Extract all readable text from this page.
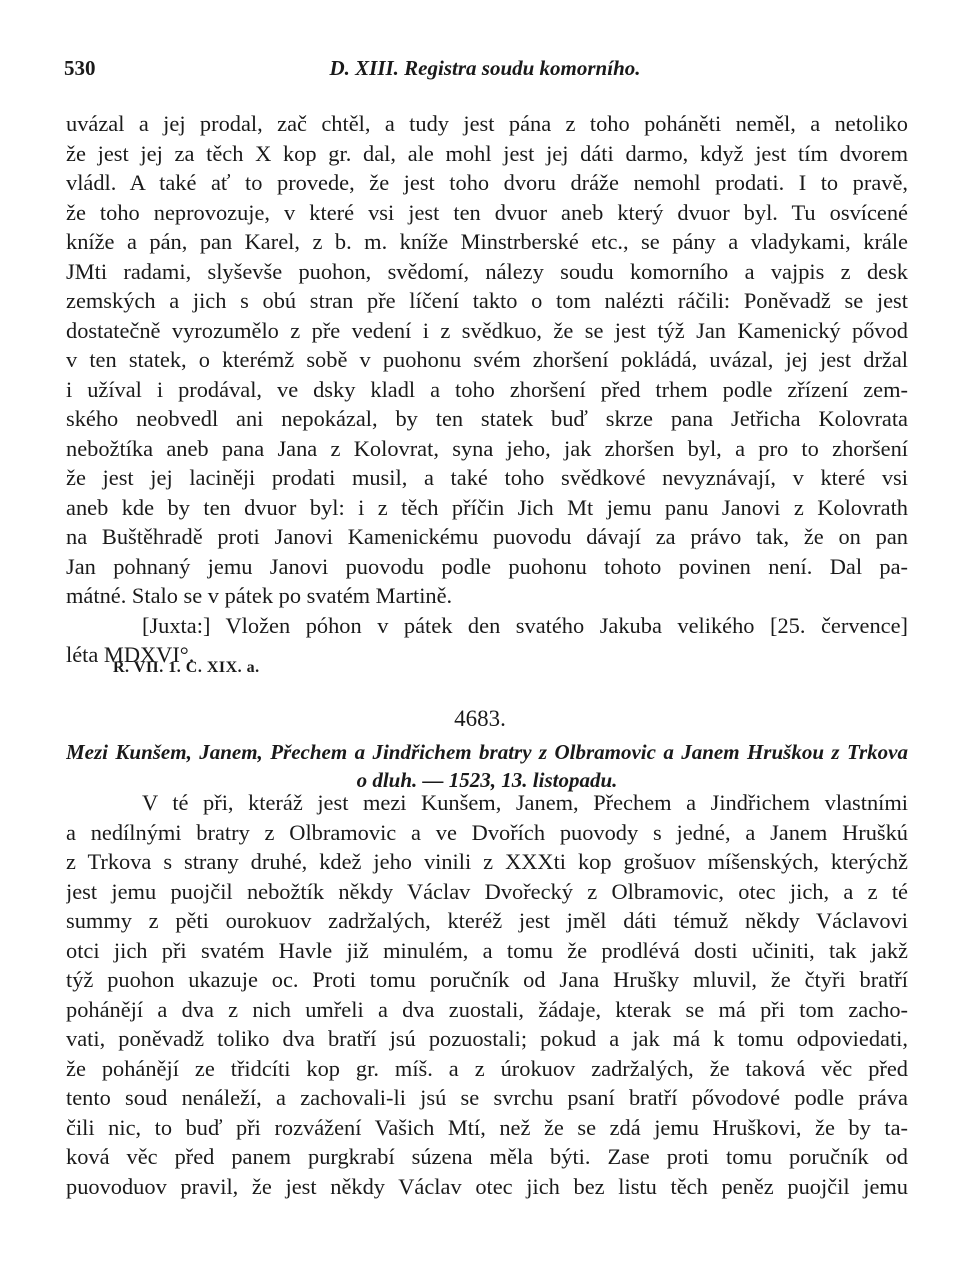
530	D. XIII. Registra soudu komorního.
uvázal a jej prodal, zač chtěl, a tudy jest pána z toho poháněti neměl, a netoliko
že jest jej za těch X kop gr. dal, ale mohl jest jej dáti darmo, když jest tím dvorem
vládl. A také ať to provede, že jest toho dvoru dráže nemohl prodati. I to pravě,
že toho neprovozuje, v které vsi jest ten dvuor aneb který dvuor byl. Tu osvícené
kníže a pán, pan Karel, z b. m. kníže Minstrberské etc., se pány a vladykami, krále
JMti radami, slyševše puohon, svědomí, nálezy soudu komorního a vajpis z desk
zemských a jich s obú stran pře líčení takto o tom nalézti ráčili: Poněvadž se jest
dostatečně vyrozumělo z pře vedení i z svědkuo, že se jest týž Jan Kamenický pővod
v ten statek, o kterémž sobě v puohonu svém zhoršení pokládá, uvázal, jej jest držal
i užíval i prodával, ve dsky kladl a toho zhoršení před trhem podle zřízení zem-
ského neobvedl ani nepokázal, by ten statek buď skrze pana Jetřicha Kolovrata
nebožtíka aneb pana Jana z Kolovrat, syna jeho, jak zhoršen byl, a pro to zhoršení
že jest jej laciněji prodati musil, a také toho svědkové nevyznávají, v které vsi
aneb kde by ten dvuor byl: i z těch příčin Jich Mt jemu panu Janovi z Kolovrath
na Buštěhradě proti Janovi Kamenickému puovodu dávají za právo tak, že on pan
Jan pohnaný jemu Janovi puovodu podle puohonu tohoto povinen není. Dal pa-
mátné. Stalo se v pátek po svatém Martině.
[Juxta:] Vložen póhon v pátek den svatého Jakuba velikého [25. července]
léta MDXVI°.
R. VII. 1. C. XIX. a.
4683.
Mezi Kunšem, Janem, Přechem a Jindřichem bratry z Olbramovic a Janem Hruškou z Trkova
o dluh. — 1523, 13. listopadu.
V té při, kteráž jest mezi Kunšem, Janem, Přechem a Jindřichem vlastními
a nedílnými bratry z Olbramovic a ve Dvořích puovody s jedné, a Janem Hruškú
z Trkova s strany druhé, kdež jeho vinili z XXXti kop grošuov míšenských, kterýchž
jest jemu puojčil nebožtík někdy Václav Dvořecký z Olbramovic, otec jich, a z té
summy z pěti ourokuov zadržalých, kteréž jest jměl dáti témuž někdy Václavovi
otci jich při svatém Havle již minulém, a tomu že prodlévá dosti učiniti, tak jakž
týž puohon ukazuje oc. Proti tomu poručník od Jana Hrušky mluvil, že čtyři bratří
pohánějí a dva z nich umřeli a dva zuostali, žádaje, kterak se má při tom zacho-
vati, poněvadž toliko dva bratří jsú pozuostali; pokud a jak má k tomu odpoviedati,
že pohánějí ze třidcíti kop gr. míš. a z úrokuov zadržalých, že taková věc před
tento soud nenáleží, a zachovali-li jsú se svrchu psaní bratří pővodové podle práva
čili nic, to buď při rozvážení Vašich Mtí, než že se zdá jemu Hruškovi, že by ta-
ková věc před panem purgkrabí súzena měla býti. Zase proti tomu poručník od
puovoduov pravil, že jest někdy Václav otec jich bez listu těch peněz puojčil jemu
